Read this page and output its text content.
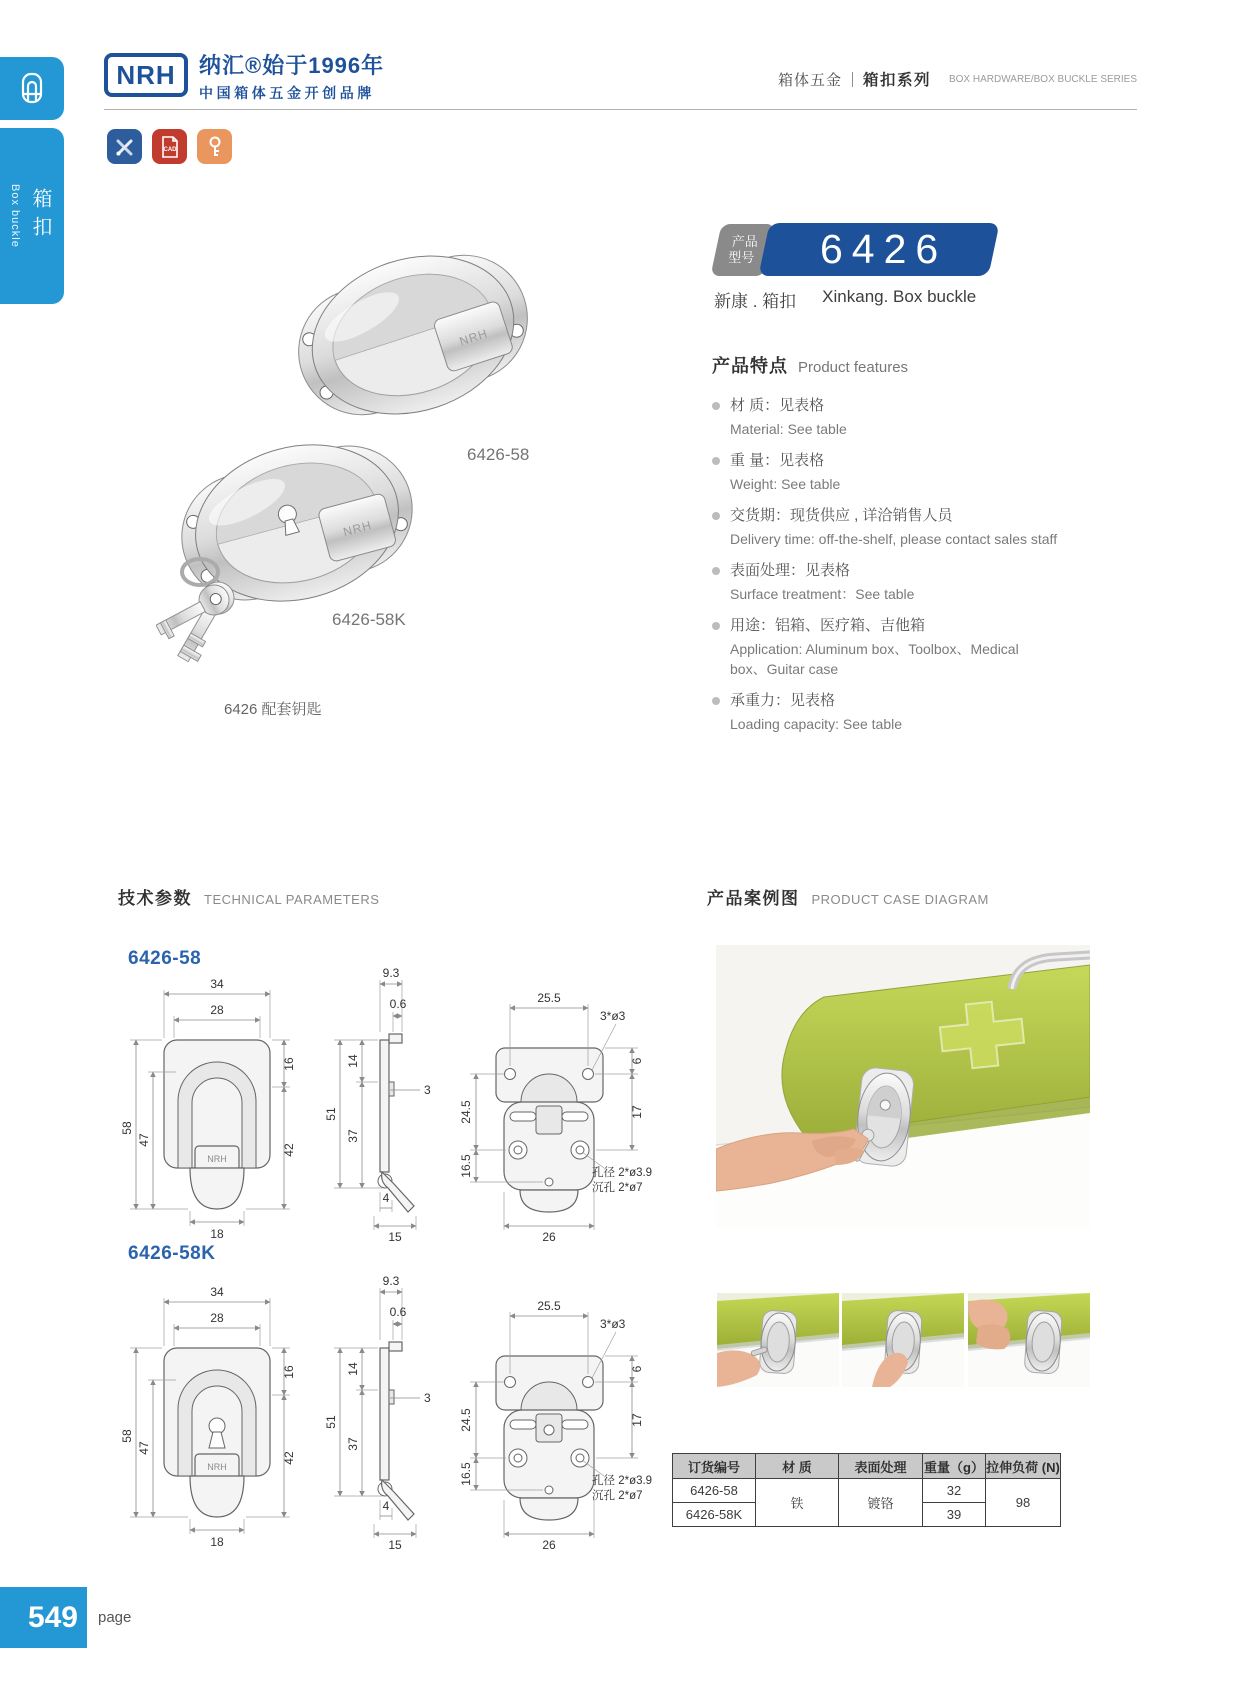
Box buckle 箱扣
NRH 纳汇®始于1996年
中国箱体五金开创品牌
箱体五金 箱扣系列 BOX HARDWARE/BOX BUCKLE SERIES
CAD
NRH
6426-58
NRH
6426-58K
6426 配套钥匙
产品
型号 6426
新康 . 箱扣 Xinkang. Box buckle
产品特点 Product features
材 质：见表格
Material: See table
重 量：见表格
Weight: See table
交货期：现货供应 , 详洽销售人员
Delivery time: off-the-shelf, please contact sales staff
表面处理：见表格
Surface treatment：See table
用途：铝箱、医疗箱、吉他箱
Application: Aluminum box、Toolbox、Medical box、Guitar case
承重力：见表格
Loading capacity: See table
技术参数 TECHNICAL PARAMETERS	产品案例图 PRODUCT CASE DIAGRAM
6426-58
NRH
34
28
58
47
16
42
18
9.3
0.6
14
51
37
3
4
15
25.5
3*ø3
6
17
24.5
16.5
26
孔径 2*ø3.9
沉孔 2*ø7
6426-58K
NRH
34
28
58
47
16
42
18
9.3
0.6
14
51
37
3
4
15
25.5
3*ø3
6
17
24.5
16.5
26
孔径 2*ø3.9
沉孔 2*ø7
订货编号	材 质	表面处理	重量（g）	拉伸负荷 (N)
6426-58	铁	镀铬	32	98
6426-58K			39	
549 page
